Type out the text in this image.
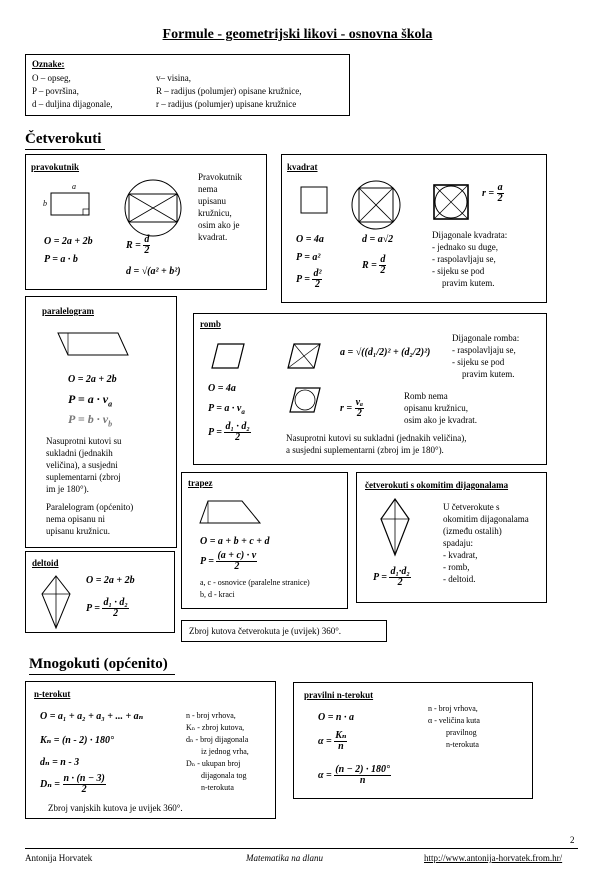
Formule - geometrijski likovi - osnovna škola
Oznake:
O – opseg,
P – površina,
d – duljina dijagonale,
v– visina,
R – radijus (polumjer) opisane kružnice,
r – radijus (polumjer) upisane kružnice
Četverokuti
pravokutnik
a
b
Pravokutnik
nema
upisanu
kružnicu,
osim ako je
kvadrat.
O = 2a + 2b
P = a · b
$R = \frac{d}{2}$
d = √(a² + b²)
kvadrat
$r = \frac{a}{2}$
O = 4a	d = a√2
P = a²
$P = \frac{\text{d²}}{2}$
$R = \frac{d}{2}$
Dijagonale kvadrata:
- jednako su duge,
- raspolavljaju se,
- sijeku se pod
pravim kutem.
paralelogram
O = 2a + 2b
$P = a \cdot v_a$
$P = b \cdot v_b$
Nasuprotni kutovi su
sukladni (jednakih
veličina), a susjedni
suplementarni (zbroj
im je 180°).
Paralelogram (općenito)
nema opisanu ni
upisanu kružnicu.
romb
a = √((d₁/2)² + (d₂/2)²)
Dijagonale romba:
- raspolavljaju se,
- sijeku se pod
pravim kutem.
O = 4a
$r = \frac{\text{vₐ}}{2}$
Romb nema
opisanu kružnicu,
osim ako je kvadrat.
$P = a \cdot v_a$
$P = \frac{\text{d₁ · d₂}}{2}$	Nasuprotni kutovi su sukladni (jednakih veličina),
a susjedni suplementarni (zbroj im je 180°).
trapez
O = a + b + c + d
$P = \frac{(a + c) \cdot v}{2}$
a, c - osnovice (paralelne stranice)
b, d - kraci
četverokuti s okomitim dijagonalama
U četverokute s
okomitim dijagonalama
(između ostalih)
spadaju:
- kvadrat,
- romb,
- deltoid.
$P = \frac{\text{d₁·d₂}}{2}$
deltoid
O = 2a + 2b
$P = \frac{\text{d₁ · d₂}}{2}$
Zbroj kutova četverokuta je (uvijek) 360°.
Mnogokuti (općenito)
n-terokut
O = a₁ + a₂ + a₃ + ... + aₙ
Kₙ = (n - 2) · 180°
dₙ = n - 3
$D_n = \frac{n \cdot (n - 3)}{2}$
n - broj vrhova,
Kₙ - zbroj kutova,
dₙ - broj dijagonala
iz jednog vrha,
Dₙ - ukupan broj
dijagonala tog
n-terokuta
Zbroj vanjskih kutova je uvijek 360°.
pravilni n-terokut
O = n · a
$\alpha = \frac{\text{Kₙ}}{n}$
$\alpha = \frac{(n - 2) \cdot 180^\circ}{n}$
n - broj vrhova,
α - veličina kuta
pravilnog
n-terokuta
2
Antonija Horvatek	Matematika na dlanu	http://www.antonija-horvatek.from.hr/
